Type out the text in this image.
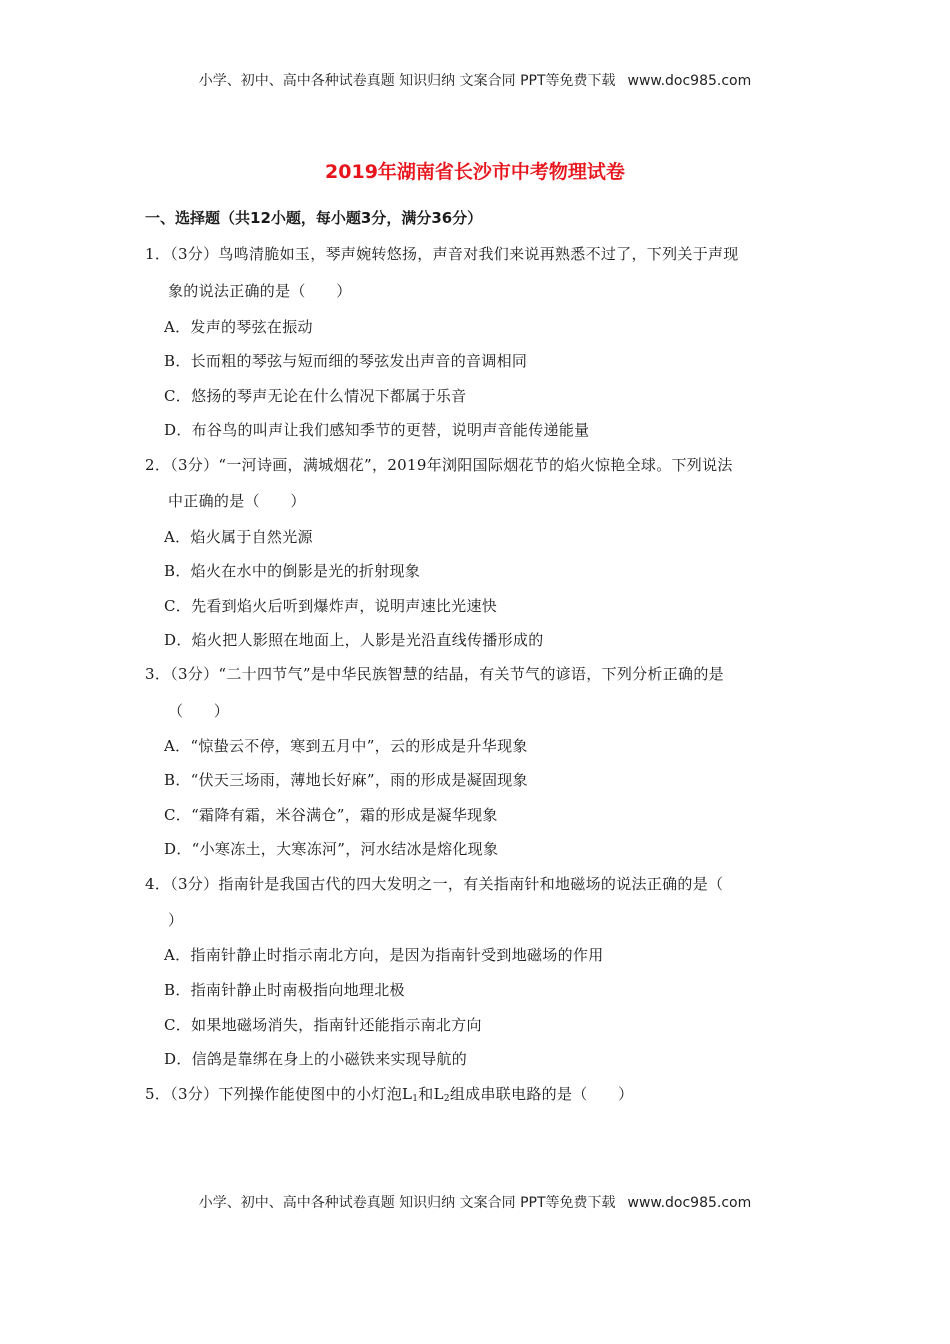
小学、初中、高中各种试卷真题 知识归纳 文案合同 PPT等免费下载 www.doc985.com
2019年湖南省长沙市中考物理试卷
一、选择题（共12小题，每小题3分，满分36分）
1．（3分）鸟鸣清脆如玉，琴声婉转悠扬，声音对我们来说再熟悉不过了，下列关于声现
象的说法正确的是（　　）
A．发声的琴弦在振动
B．长而粗的琴弦与短而细的琴弦发出声音的音调相同
C．悠扬的琴声无论在什么情况下都属于乐音
D．布谷鸟的叫声让我们感知季节的更替，说明声音能传递能量
2．（3分）“一河诗画，满城烟花”，2019年浏阳国际烟花节的焰火惊艳全球。下列说法
中正确的是（　　）
A．焰火属于自然光源
B．焰火在水中的倒影是光的折射现象
C．先看到焰火后听到爆炸声，说明声速比光速快
D．焰火把人影照在地面上，人影是光沿直线传播形成的
3．（3分）“二十四节气”是中华民族智慧的结晶，有关节气的谚语，下列分析正确的是
（　　）
A．“惊蛰云不停，寒到五月中”，云的形成是升华现象
B．“伏天三场雨，薄地长好麻”，雨的形成是凝固现象
C．“霜降有霜，米谷满仓”，霜的形成是凝华现象
D．“小寒冻土，大寒冻河”，河水结冰是熔化现象
4．（3分）指南针是我国古代的四大发明之一，有关指南针和地磁场的说法正确的是（
）
A．指南针静止时指示南北方向，是因为指南针受到地磁场的作用
B．指南针静止时南极指向地理北极
C．如果地磁场消失，指南针还能指示南北方向
D．信鸽是靠绑在身上的小磁铁来实现导航的
5．（3分）下列操作能使图中的小灯泡$L_1$和$L_2$组成串联电路的是（　　）
小学、初中、高中各种试卷真题 知识归纳 文案合同 PPT等免费下载 www.doc985.com
